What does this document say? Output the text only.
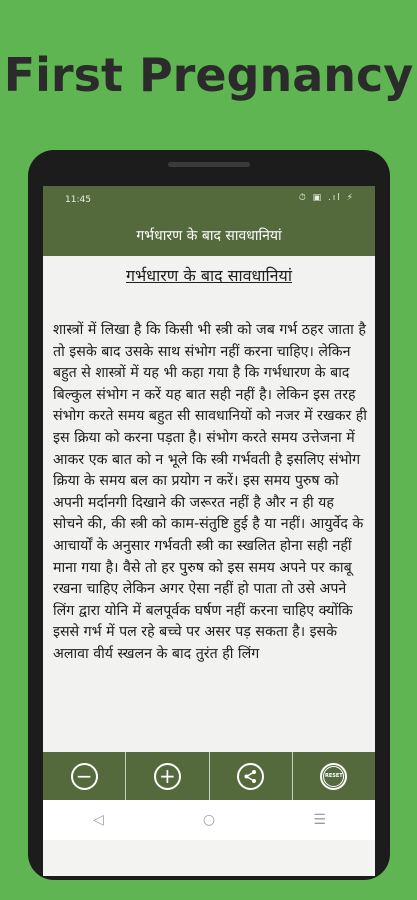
First Pregnancy
11:45	⏱ ▣ .ıl ⚡
गर्भधारण के बाद सावधानियां
गर्भधारण के बाद सावधानियां
शास्त्रों में लिखा है कि किसी भी स्त्री को जब गर्भ ठहर जाता है तो इसके बाद उसके साथ संभोग नहीं करना चाहिए। लेकिन बहुत से शास्त्रों में यह भी कहा गया है कि गर्भधारण के बाद बिल्कुल संभोग न करें यह बात सही नहीं है। लेकिन इस तरह संभोग करते समय बहुत सी सावधानियों को नजर में रखकर ही इस क्रिया को करना पड़ता है। संभोग करते समय उत्तेजना में आकर एक बात को न भूले कि स्त्री गर्भवती है इसलिए संभोग क्रिया के समय बल का प्रयोग न करें। इस समय पुरुष को अपनी मर्दानगी दिखाने की जरूरत नहीं है और न ही यह सोचने की, की स्त्री को काम-संतुष्टि हुई है या नहीं। आयुर्वेद के आचार्यों के अनुसार गर्भवती स्त्री का स्खलित होना सही नहीं माना गया है। वैसे तो हर पुरुष को इस समय अपने पर काबू रखना चाहिए लेकिन अगर ऐसा नहीं हो पाता तो उसे अपने लिंग द्वारा योनि में बलपूर्वक घर्षण नहीं करना चाहिए क्योंकि इससे गर्भ में पल रहे बच्चे पर असर पड़ सकता है। इसके अलावा वीर्य स्खलन के बाद तुरंत ही लिंग
−	+	RESET
◁	○	☰
